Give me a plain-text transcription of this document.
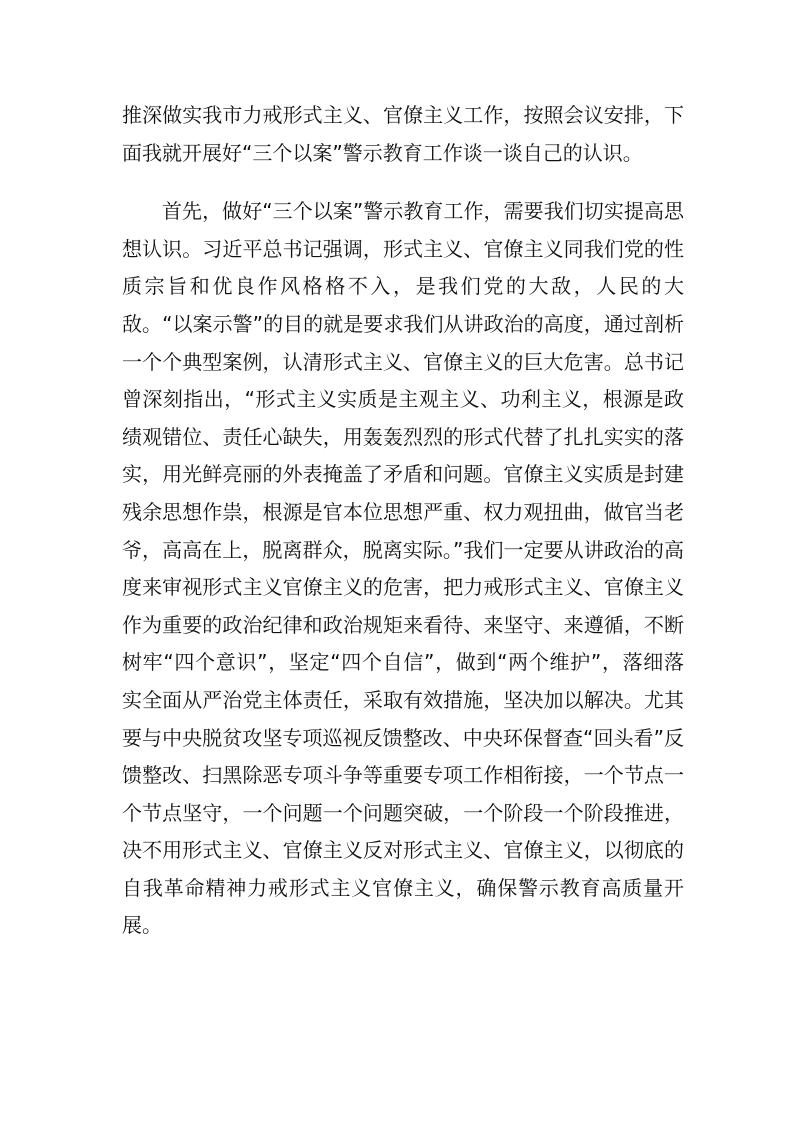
推深做实我市力戒形式主义、官僚主义工作，按照会议安排，下面我就开展好“三个以案”警示教育工作谈一谈自己的认识。

首先，做好“三个以案”警示教育工作，需要我们切实提高思想认识。习近平总书记强调，形式主义、官僚主义同我们党的性质宗旨和优良作风格格不入，是我们党的大敌，人民的大敌。“以案示警”的目的就是要求我们从讲政治的高度，通过剖析一个个典型案例，认清形式主义、官僚主义的巨大危害。总书记曾深刻指出，“形式主义实质是主观主义、功利主义，根源是政绩观错位、责任心缺失，用轰轰烈烈的形式代替了扎扎实实的落实，用光鲜亮丽的外表掩盖了矛盾和问题。官僚主义实质是封建残余思想作祟，根源是官本位思想严重、权力观扭曲，做官当老爷，高高在上，脱离群众，脱离实际。”我们一定要从讲政治的高度来审视形式主义官僚主义的危害，把力戒形式主义、官僚主义作为重要的政治纪律和政治规矩来看待、来坚守、来遵循，不断树牢“四个意识”，坚定“四个自信”，做到“两个维护”，落细落实全面从严治党主体责任，采取有效措施，坚决加以解决。尤其要与中央脱贫攻坚专项巡视反馈整改、中央环保督查“回头看”反馈整改、扫黑除恶专项斗争等重要专项工作相衔接，一个节点一个节点坚守，一个问题一个问题突破，一个阶段一个阶段推进，决不用形式主义、官僚主义反对形式主义、官僚主义，以彻底的自我革命精神力戒形式主义官僚主义，确保警示教育高质量开展。
